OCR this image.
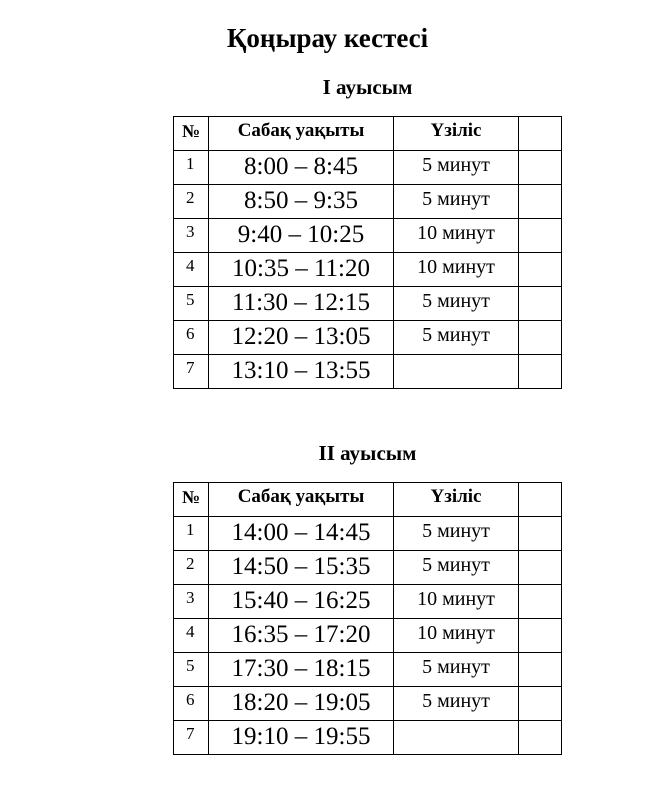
Қоңырау кестесі
І ауысым
№	Сабақ уақыты	Үзіліс	
1	8:00 – 8:45	5 минут	
2	8:50 – 9:35	5 минут	
3	9:40 – 10:25	10 минут	
4	10:35 – 11:20	10 минут	
5	11:30 – 12:15	5 минут	
6	12:20 – 13:05	5 минут	
7	13:10 – 13:55		
ІІ ауысым
№	Сабақ уақыты	Үзіліс	
1	14:00 – 14:45	5 минут	
2	14:50 – 15:35	5 минут	
3	15:40 – 16:25	10 минут	
4	16:35 – 17:20	10 минут	
5	17:30 – 18:15	5 минут	
6	18:20 – 19:05	5 минут	
7	19:10 – 19:55		
